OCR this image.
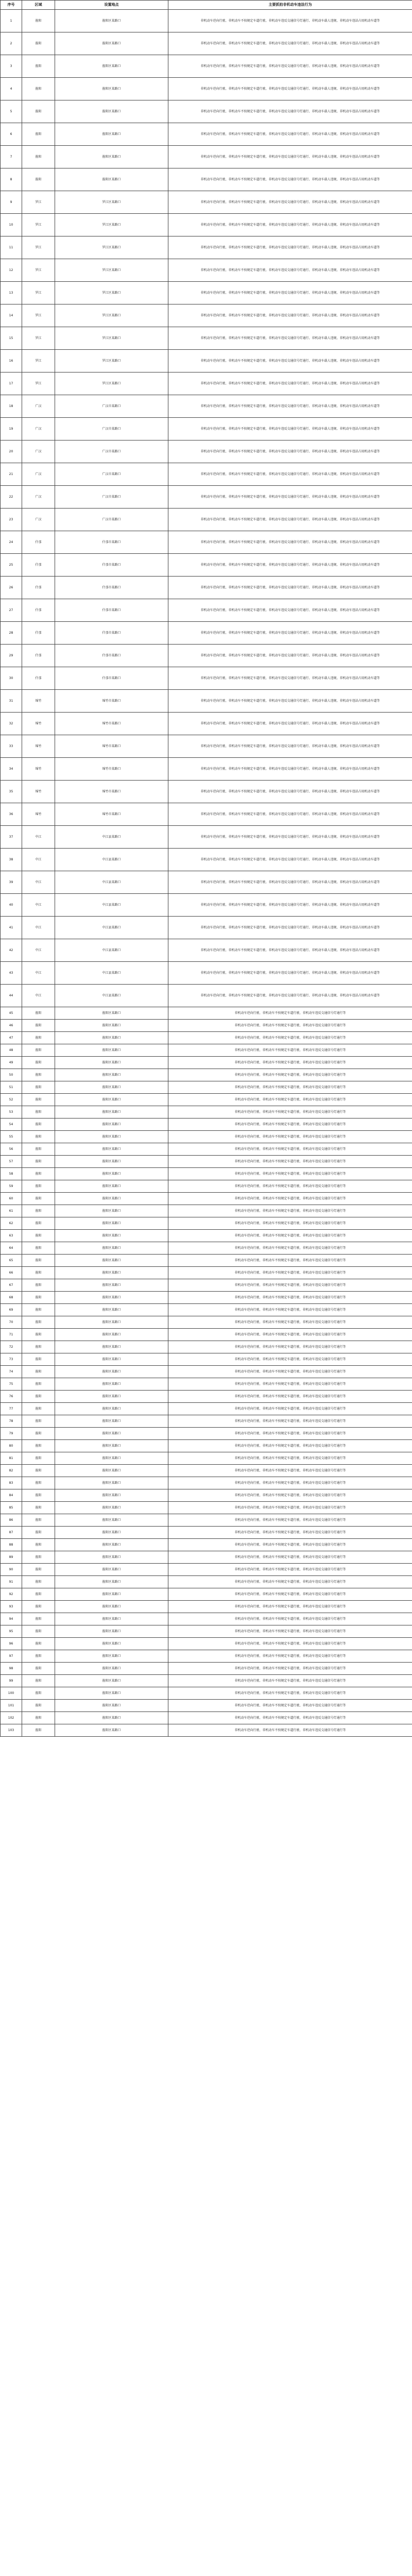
序号	区域	设置地点	主要抓拍非机动车违法行为
1	旌阳	旌阳区某路口	非机动车逆向行驶、非机动车不按规定车道行驶、非机动车违反交通信号灯通行、非机动车载人违规、非机动车违法占用机动车道等
2	旌阳	旌阳区某路口	非机动车逆向行驶、非机动车不按规定车道行驶、非机动车违反交通信号灯通行、非机动车载人违规、非机动车违法占用机动车道等
3	旌阳	旌阳区某路口	非机动车逆向行驶、非机动车不按规定车道行驶、非机动车违反交通信号灯通行、非机动车载人违规、非机动车违法占用机动车道等
4	旌阳	旌阳区某路口	非机动车逆向行驶、非机动车不按规定车道行驶、非机动车违反交通信号灯通行、非机动车载人违规、非机动车违法占用机动车道等
5	旌阳	旌阳区某路口	非机动车逆向行驶、非机动车不按规定车道行驶、非机动车违反交通信号灯通行、非机动车载人违规、非机动车违法占用机动车道等
6	旌阳	旌阳区某路口	非机动车逆向行驶、非机动车不按规定车道行驶、非机动车违反交通信号灯通行、非机动车载人违规、非机动车违法占用机动车道等
7	旌阳	旌阳区某路口	非机动车逆向行驶、非机动车不按规定车道行驶、非机动车违反交通信号灯通行、非机动车载人违规、非机动车违法占用机动车道等
8	旌阳	旌阳区某路口	非机动车逆向行驶、非机动车不按规定车道行驶、非机动车违反交通信号灯通行、非机动车载人违规、非机动车违法占用机动车道等
9	罗江	罗江区某路口	非机动车逆向行驶、非机动车不按规定车道行驶、非机动车违反交通信号灯通行、非机动车载人违规、非机动车违法占用机动车道等
10	罗江	罗江区某路口	非机动车逆向行驶、非机动车不按规定车道行驶、非机动车违反交通信号灯通行、非机动车载人违规、非机动车违法占用机动车道等
11	罗江	罗江区某路口	非机动车逆向行驶、非机动车不按规定车道行驶、非机动车违反交通信号灯通行、非机动车载人违规、非机动车违法占用机动车道等
12	罗江	罗江区某路口	非机动车逆向行驶、非机动车不按规定车道行驶、非机动车违反交通信号灯通行、非机动车载人违规、非机动车违法占用机动车道等
13	罗江	罗江区某路口	非机动车逆向行驶、非机动车不按规定车道行驶、非机动车违反交通信号灯通行、非机动车载人违规、非机动车违法占用机动车道等
14	罗江	罗江区某路口	非机动车逆向行驶、非机动车不按规定车道行驶、非机动车违反交通信号灯通行、非机动车载人违规、非机动车违法占用机动车道等
15	罗江	罗江区某路口	非机动车逆向行驶、非机动车不按规定车道行驶、非机动车违反交通信号灯通行、非机动车载人违规、非机动车违法占用机动车道等
16	罗江	罗江区某路口	非机动车逆向行驶、非机动车不按规定车道行驶、非机动车违反交通信号灯通行、非机动车载人违规、非机动车违法占用机动车道等
17	罗江	罗江区某路口	非机动车逆向行驶、非机动车不按规定车道行驶、非机动车违反交通信号灯通行、非机动车载人违规、非机动车违法占用机动车道等
18	广汉	广汉市某路口	非机动车逆向行驶、非机动车不按规定车道行驶、非机动车违反交通信号灯通行、非机动车载人违规、非机动车违法占用机动车道等
19	广汉	广汉市某路口	非机动车逆向行驶、非机动车不按规定车道行驶、非机动车违反交通信号灯通行、非机动车载人违规、非机动车违法占用机动车道等
20	广汉	广汉市某路口	非机动车逆向行驶、非机动车不按规定车道行驶、非机动车违反交通信号灯通行、非机动车载人违规、非机动车违法占用机动车道等
21	广汉	广汉市某路口	非机动车逆向行驶、非机动车不按规定车道行驶、非机动车违反交通信号灯通行、非机动车载人违规、非机动车违法占用机动车道等
22	广汉	广汉市某路口	非机动车逆向行驶、非机动车不按规定车道行驶、非机动车违反交通信号灯通行、非机动车载人违规、非机动车违法占用机动车道等
23	广汉	广汉市某路口	非机动车逆向行驶、非机动车不按规定车道行驶、非机动车违反交通信号灯通行、非机动车载人违规、非机动车违法占用机动车道等
24	什邡	什邡市某路口	非机动车逆向行驶、非机动车不按规定车道行驶、非机动车违反交通信号灯通行、非机动车载人违规、非机动车违法占用机动车道等
25	什邡	什邡市某路口	非机动车逆向行驶、非机动车不按规定车道行驶、非机动车违反交通信号灯通行、非机动车载人违规、非机动车违法占用机动车道等
26	什邡	什邡市某路口	非机动车逆向行驶、非机动车不按规定车道行驶、非机动车违反交通信号灯通行、非机动车载人违规、非机动车违法占用机动车道等
27	什邡	什邡市某路口	非机动车逆向行驶、非机动车不按规定车道行驶、非机动车违反交通信号灯通行、非机动车载人违规、非机动车违法占用机动车道等
28	什邡	什邡市某路口	非机动车逆向行驶、非机动车不按规定车道行驶、非机动车违反交通信号灯通行、非机动车载人违规、非机动车违法占用机动车道等
29	什邡	什邡市某路口	非机动车逆向行驶、非机动车不按规定车道行驶、非机动车违反交通信号灯通行、非机动车载人违规、非机动车违法占用机动车道等
30	什邡	什邡市某路口	非机动车逆向行驶、非机动车不按规定车道行驶、非机动车违反交通信号灯通行、非机动车载人违规、非机动车违法占用机动车道等
31	绵竹	绵竹市某路口	非机动车逆向行驶、非机动车不按规定车道行驶、非机动车违反交通信号灯通行、非机动车载人违规、非机动车违法占用机动车道等
32	绵竹	绵竹市某路口	非机动车逆向行驶、非机动车不按规定车道行驶、非机动车违反交通信号灯通行、非机动车载人违规、非机动车违法占用机动车道等
33	绵竹	绵竹市某路口	非机动车逆向行驶、非机动车不按规定车道行驶、非机动车违反交通信号灯通行、非机动车载人违规、非机动车违法占用机动车道等
34	绵竹	绵竹市某路口	非机动车逆向行驶、非机动车不按规定车道行驶、非机动车违反交通信号灯通行、非机动车载人违规、非机动车违法占用机动车道等
35	绵竹	绵竹市某路口	非机动车逆向行驶、非机动车不按规定车道行驶、非机动车违反交通信号灯通行、非机动车载人违规、非机动车违法占用机动车道等
36	绵竹	绵竹市某路口	非机动车逆向行驶、非机动车不按规定车道行驶、非机动车违反交通信号灯通行、非机动车载人违规、非机动车违法占用机动车道等
37	中江	中江县某路口	非机动车逆向行驶、非机动车不按规定车道行驶、非机动车违反交通信号灯通行、非机动车载人违规、非机动车违法占用机动车道等
38	中江	中江县某路口	非机动车逆向行驶、非机动车不按规定车道行驶、非机动车违反交通信号灯通行、非机动车载人违规、非机动车违法占用机动车道等
39	中江	中江县某路口	非机动车逆向行驶、非机动车不按规定车道行驶、非机动车违反交通信号灯通行、非机动车载人违规、非机动车违法占用机动车道等
40	中江	中江县某路口	非机动车逆向行驶、非机动车不按规定车道行驶、非机动车违反交通信号灯通行、非机动车载人违规、非机动车违法占用机动车道等
41	中江	中江县某路口	非机动车逆向行驶、非机动车不按规定车道行驶、非机动车违反交通信号灯通行、非机动车载人违规、非机动车违法占用机动车道等
42	中江	中江县某路口	非机动车逆向行驶、非机动车不按规定车道行驶、非机动车违反交通信号灯通行、非机动车载人违规、非机动车违法占用机动车道等
43	中江	中江县某路口	非机动车逆向行驶、非机动车不按规定车道行驶、非机动车违反交通信号灯通行、非机动车载人违规、非机动车违法占用机动车道等
44	中江	中江县某路口	非机动车逆向行驶、非机动车不按规定车道行驶、非机动车违反交通信号灯通行、非机动车载人违规、非机动车违法占用机动车道等
45	旌阳	旌阳区某路口	非机动车逆向行驶、非机动车不按规定车道行驶、非机动车违反交通信号灯通行等
46	旌阳	旌阳区某路口	非机动车逆向行驶、非机动车不按规定车道行驶、非机动车违反交通信号灯通行等
47	旌阳	旌阳区某路口	非机动车逆向行驶、非机动车不按规定车道行驶、非机动车违反交通信号灯通行等
48	旌阳	旌阳区某路口	非机动车逆向行驶、非机动车不按规定车道行驶、非机动车违反交通信号灯通行等
49	旌阳	旌阳区某路口	非机动车逆向行驶、非机动车不按规定车道行驶、非机动车违反交通信号灯通行等
50	旌阳	旌阳区某路口	非机动车逆向行驶、非机动车不按规定车道行驶、非机动车违反交通信号灯通行等
51	旌阳	旌阳区某路口	非机动车逆向行驶、非机动车不按规定车道行驶、非机动车违反交通信号灯通行等
52	旌阳	旌阳区某路口	非机动车逆向行驶、非机动车不按规定车道行驶、非机动车违反交通信号灯通行等
53	旌阳	旌阳区某路口	非机动车逆向行驶、非机动车不按规定车道行驶、非机动车违反交通信号灯通行等
54	旌阳	旌阳区某路口	非机动车逆向行驶、非机动车不按规定车道行驶、非机动车违反交通信号灯通行等
55	旌阳	旌阳区某路口	非机动车逆向行驶、非机动车不按规定车道行驶、非机动车违反交通信号灯通行等
56	旌阳	旌阳区某路口	非机动车逆向行驶、非机动车不按规定车道行驶、非机动车违反交通信号灯通行等
57	旌阳	旌阳区某路口	非机动车逆向行驶、非机动车不按规定车道行驶、非机动车违反交通信号灯通行等
58	旌阳	旌阳区某路口	非机动车逆向行驶、非机动车不按规定车道行驶、非机动车违反交通信号灯通行等
59	旌阳	旌阳区某路口	非机动车逆向行驶、非机动车不按规定车道行驶、非机动车违反交通信号灯通行等
60	旌阳	旌阳区某路口	非机动车逆向行驶、非机动车不按规定车道行驶、非机动车违反交通信号灯通行等
61	旌阳	旌阳区某路口	非机动车逆向行驶、非机动车不按规定车道行驶、非机动车违反交通信号灯通行等
62	旌阳	旌阳区某路口	非机动车逆向行驶、非机动车不按规定车道行驶、非机动车违反交通信号灯通行等
63	旌阳	旌阳区某路口	非机动车逆向行驶、非机动车不按规定车道行驶、非机动车违反交通信号灯通行等
64	旌阳	旌阳区某路口	非机动车逆向行驶、非机动车不按规定车道行驶、非机动车违反交通信号灯通行等
65	旌阳	旌阳区某路口	非机动车逆向行驶、非机动车不按规定车道行驶、非机动车违反交通信号灯通行等
66	旌阳	旌阳区某路口	非机动车逆向行驶、非机动车不按规定车道行驶、非机动车违反交通信号灯通行等
67	旌阳	旌阳区某路口	非机动车逆向行驶、非机动车不按规定车道行驶、非机动车违反交通信号灯通行等
68	旌阳	旌阳区某路口	非机动车逆向行驶、非机动车不按规定车道行驶、非机动车违反交通信号灯通行等
69	旌阳	旌阳区某路口	非机动车逆向行驶、非机动车不按规定车道行驶、非机动车违反交通信号灯通行等
70	旌阳	旌阳区某路口	非机动车逆向行驶、非机动车不按规定车道行驶、非机动车违反交通信号灯通行等
71	旌阳	旌阳区某路口	非机动车逆向行驶、非机动车不按规定车道行驶、非机动车违反交通信号灯通行等
72	旌阳	旌阳区某路口	非机动车逆向行驶、非机动车不按规定车道行驶、非机动车违反交通信号灯通行等
73	旌阳	旌阳区某路口	非机动车逆向行驶、非机动车不按规定车道行驶、非机动车违反交通信号灯通行等
74	旌阳	旌阳区某路口	非机动车逆向行驶、非机动车不按规定车道行驶、非机动车违反交通信号灯通行等
75	旌阳	旌阳区某路口	非机动车逆向行驶、非机动车不按规定车道行驶、非机动车违反交通信号灯通行等
76	旌阳	旌阳区某路口	非机动车逆向行驶、非机动车不按规定车道行驶、非机动车违反交通信号灯通行等
77	旌阳	旌阳区某路口	非机动车逆向行驶、非机动车不按规定车道行驶、非机动车违反交通信号灯通行等
78	旌阳	旌阳区某路口	非机动车逆向行驶、非机动车不按规定车道行驶、非机动车违反交通信号灯通行等
79	旌阳	旌阳区某路口	非机动车逆向行驶、非机动车不按规定车道行驶、非机动车违反交通信号灯通行等
80	旌阳	旌阳区某路口	非机动车逆向行驶、非机动车不按规定车道行驶、非机动车违反交通信号灯通行等
81	旌阳	旌阳区某路口	非机动车逆向行驶、非机动车不按规定车道行驶、非机动车违反交通信号灯通行等
82	旌阳	旌阳区某路口	非机动车逆向行驶、非机动车不按规定车道行驶、非机动车违反交通信号灯通行等
83	旌阳	旌阳区某路口	非机动车逆向行驶、非机动车不按规定车道行驶、非机动车违反交通信号灯通行等
84	旌阳	旌阳区某路口	非机动车逆向行驶、非机动车不按规定车道行驶、非机动车违反交通信号灯通行等
85	旌阳	旌阳区某路口	非机动车逆向行驶、非机动车不按规定车道行驶、非机动车违反交通信号灯通行等
86	旌阳	旌阳区某路口	非机动车逆向行驶、非机动车不按规定车道行驶、非机动车违反交通信号灯通行等
87	旌阳	旌阳区某路口	非机动车逆向行驶、非机动车不按规定车道行驶、非机动车违反交通信号灯通行等
88	旌阳	旌阳区某路口	非机动车逆向行驶、非机动车不按规定车道行驶、非机动车违反交通信号灯通行等
89	旌阳	旌阳区某路口	非机动车逆向行驶、非机动车不按规定车道行驶、非机动车违反交通信号灯通行等
90	旌阳	旌阳区某路口	非机动车逆向行驶、非机动车不按规定车道行驶、非机动车违反交通信号灯通行等
91	旌阳	旌阳区某路口	非机动车逆向行驶、非机动车不按规定车道行驶、非机动车违反交通信号灯通行等
92	旌阳	旌阳区某路口	非机动车逆向行驶、非机动车不按规定车道行驶、非机动车违反交通信号灯通行等
93	旌阳	旌阳区某路口	非机动车逆向行驶、非机动车不按规定车道行驶、非机动车违反交通信号灯通行等
94	旌阳	旌阳区某路口	非机动车逆向行驶、非机动车不按规定车道行驶、非机动车违反交通信号灯通行等
95	旌阳	旌阳区某路口	非机动车逆向行驶、非机动车不按规定车道行驶、非机动车违反交通信号灯通行等
96	旌阳	旌阳区某路口	非机动车逆向行驶、非机动车不按规定车道行驶、非机动车违反交通信号灯通行等
97	旌阳	旌阳区某路口	非机动车逆向行驶、非机动车不按规定车道行驶、非机动车违反交通信号灯通行等
98	旌阳	旌阳区某路口	非机动车逆向行驶、非机动车不按规定车道行驶、非机动车违反交通信号灯通行等
99	旌阳	旌阳区某路口	非机动车逆向行驶、非机动车不按规定车道行驶、非机动车违反交通信号灯通行等
100	旌阳	旌阳区某路口	非机动车逆向行驶、非机动车不按规定车道行驶、非机动车违反交通信号灯通行等
101	旌阳	旌阳区某路口	非机动车逆向行驶、非机动车不按规定车道行驶、非机动车违反交通信号灯通行等
102	旌阳	旌阳区某路口	非机动车逆向行驶、非机动车不按规定车道行驶、非机动车违反交通信号灯通行等
103	旌阳	旌阳区某路口	非机动车逆向行驶、非机动车不按规定车道行驶、非机动车违反交通信号灯通行等
